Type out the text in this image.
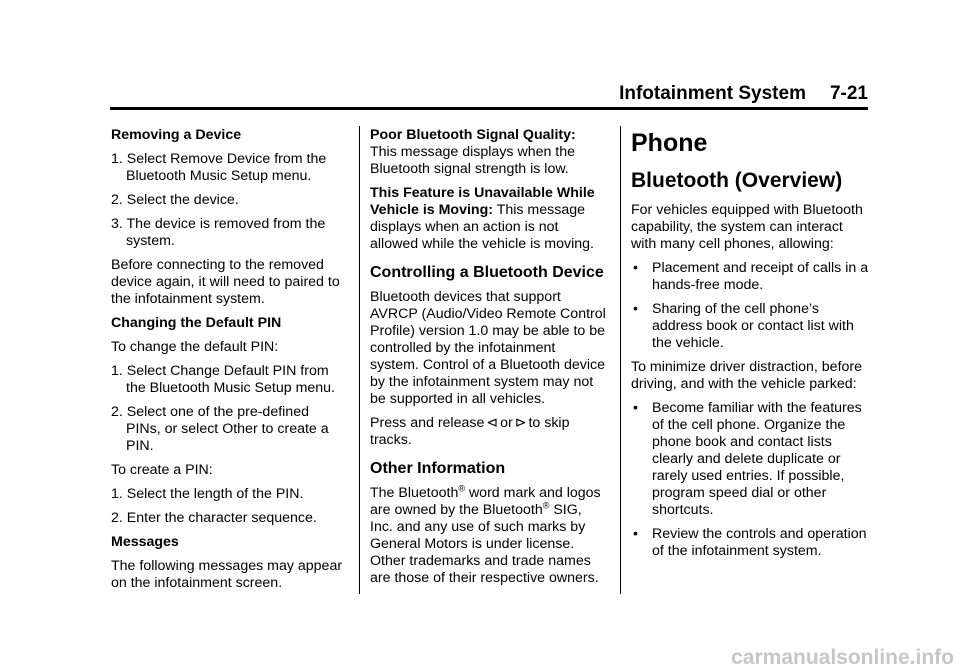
Infotainment System 7-21

Removing a Device

1. Select Remove Device from the Bluetooth Music Setup menu.

2. Select the device.

3. The device is removed from the system.

Before connecting to the removed device again, it will need to paired to the infotainment system.

Changing the Default PIN

To change the default PIN:

1. Select Change Default PIN from the Bluetooth Music Setup menu.

2. Select one of the pre-defined PINs, or select Other to create a PIN.

To create a PIN:

1. Select the length of the PIN.

2. Enter the character sequence.

Messages

The following messages may appear on the infotainment screen.

Poor Bluetooth Signal Quality: This message displays when the Bluetooth signal strength is low.

This Feature is Unavailable While Vehicle is Moving: This message displays when an action is not allowed while the vehicle is moving.

Controlling a Bluetooth Device

Bluetooth devices that support AVRCP (Audio/Video Remote Control Profile) version 1.0 may be able to be controlled by the infotainment system. Control of a Bluetooth device by the infotainment system may not be supported in all vehicles.

Press and release ⊲ or ⊳ to skip tracks.

Other Information

The Bluetooth® word mark and logos are owned by the Bluetooth® SIG, Inc. and any use of such marks by General Motors is under license. Other trademarks and trade names are those of their respective owners.

Phone
Bluetooth (Overview)

For vehicles equipped with Bluetooth capability, the system can interact with many cell phones, allowing:

• Placement and receipt of calls in a hands-free mode.

• Sharing of the cell phone’s address book or contact list with the vehicle.

To minimize driver distraction, before driving, and with the vehicle parked:

• Become familiar with the features of the cell phone. Organize the phone book and contact lists clearly and delete duplicate or rarely used entries. If possible, program speed dial or other shortcuts.

• Review the controls and operation of the infotainment system.

carmanualsonline.info
